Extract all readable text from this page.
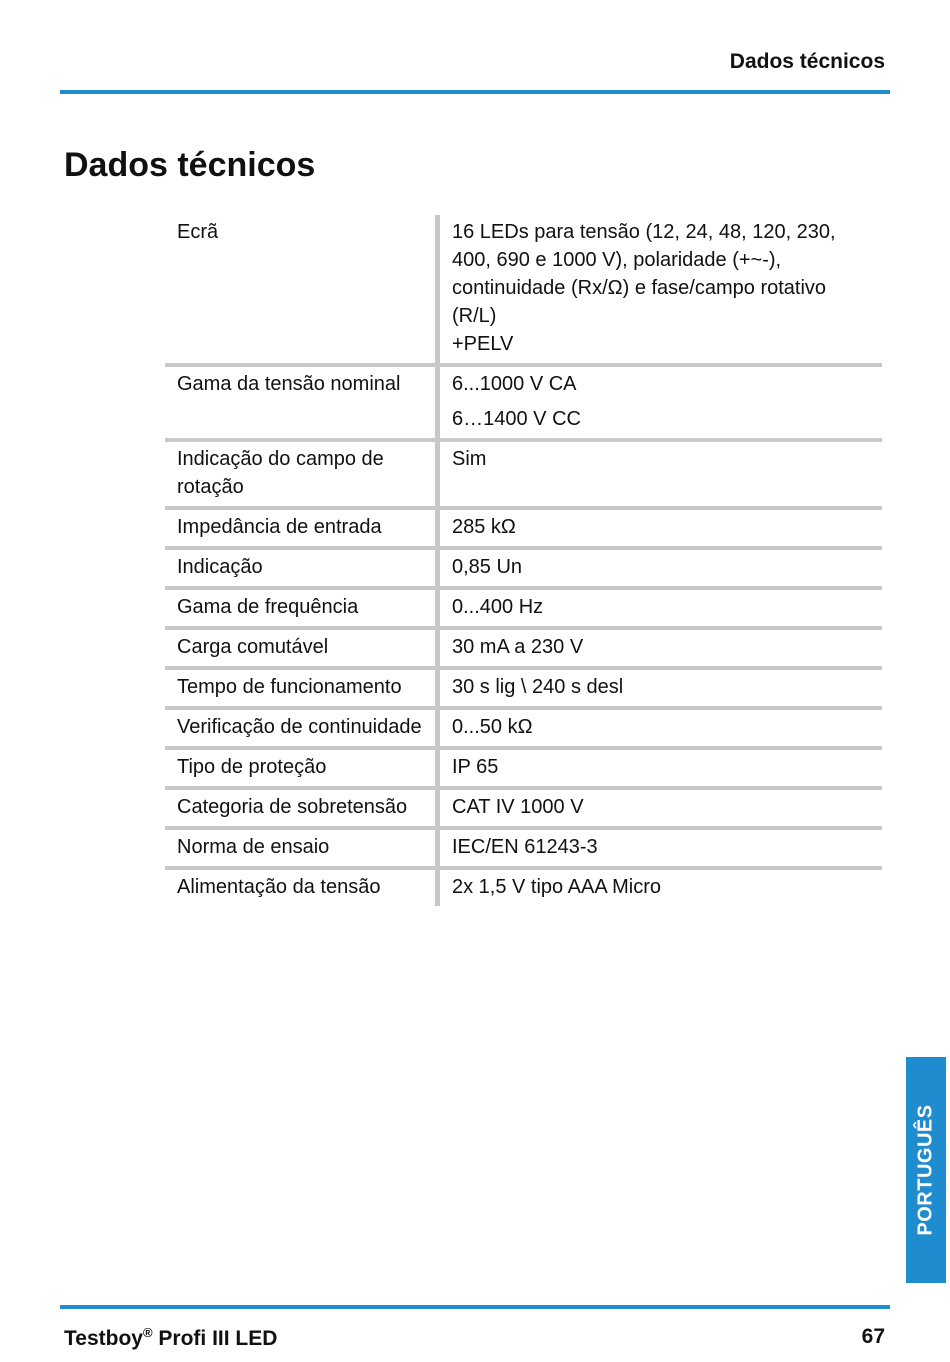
Dados técnicos
Dados técnicos
Ecrã	16 LEDs para tensão (12, 24, 48, 120, 230, 400, 690 e 1000 V), polaridade (+~-), continuidade (Rx/Ω) e fase/campo rotativo (R/L)
+PELV

Gama da tensão nominal	6...1000 V CA
6…1400 V CC

Indicação do campo de rotação	Sim

Impedância de entrada	285 kΩ

Indicação	0,85 Un

Gama de frequência	0...400 Hz

Carga comutável	30 mA a 230 V

Tempo de funcionamento	30 s lig \ 240 s desl

Verificação de continuidade	0...50 kΩ

Tipo de proteção	IP 65

Categoria de sobretensão	CAT IV 1000 V

Norma de ensaio	IEC/EN 61243-3

Alimentação da tensão	2x 1,5 V tipo AAA Micro
PORTUGUÊS
Testboy® Profi III LED	67
